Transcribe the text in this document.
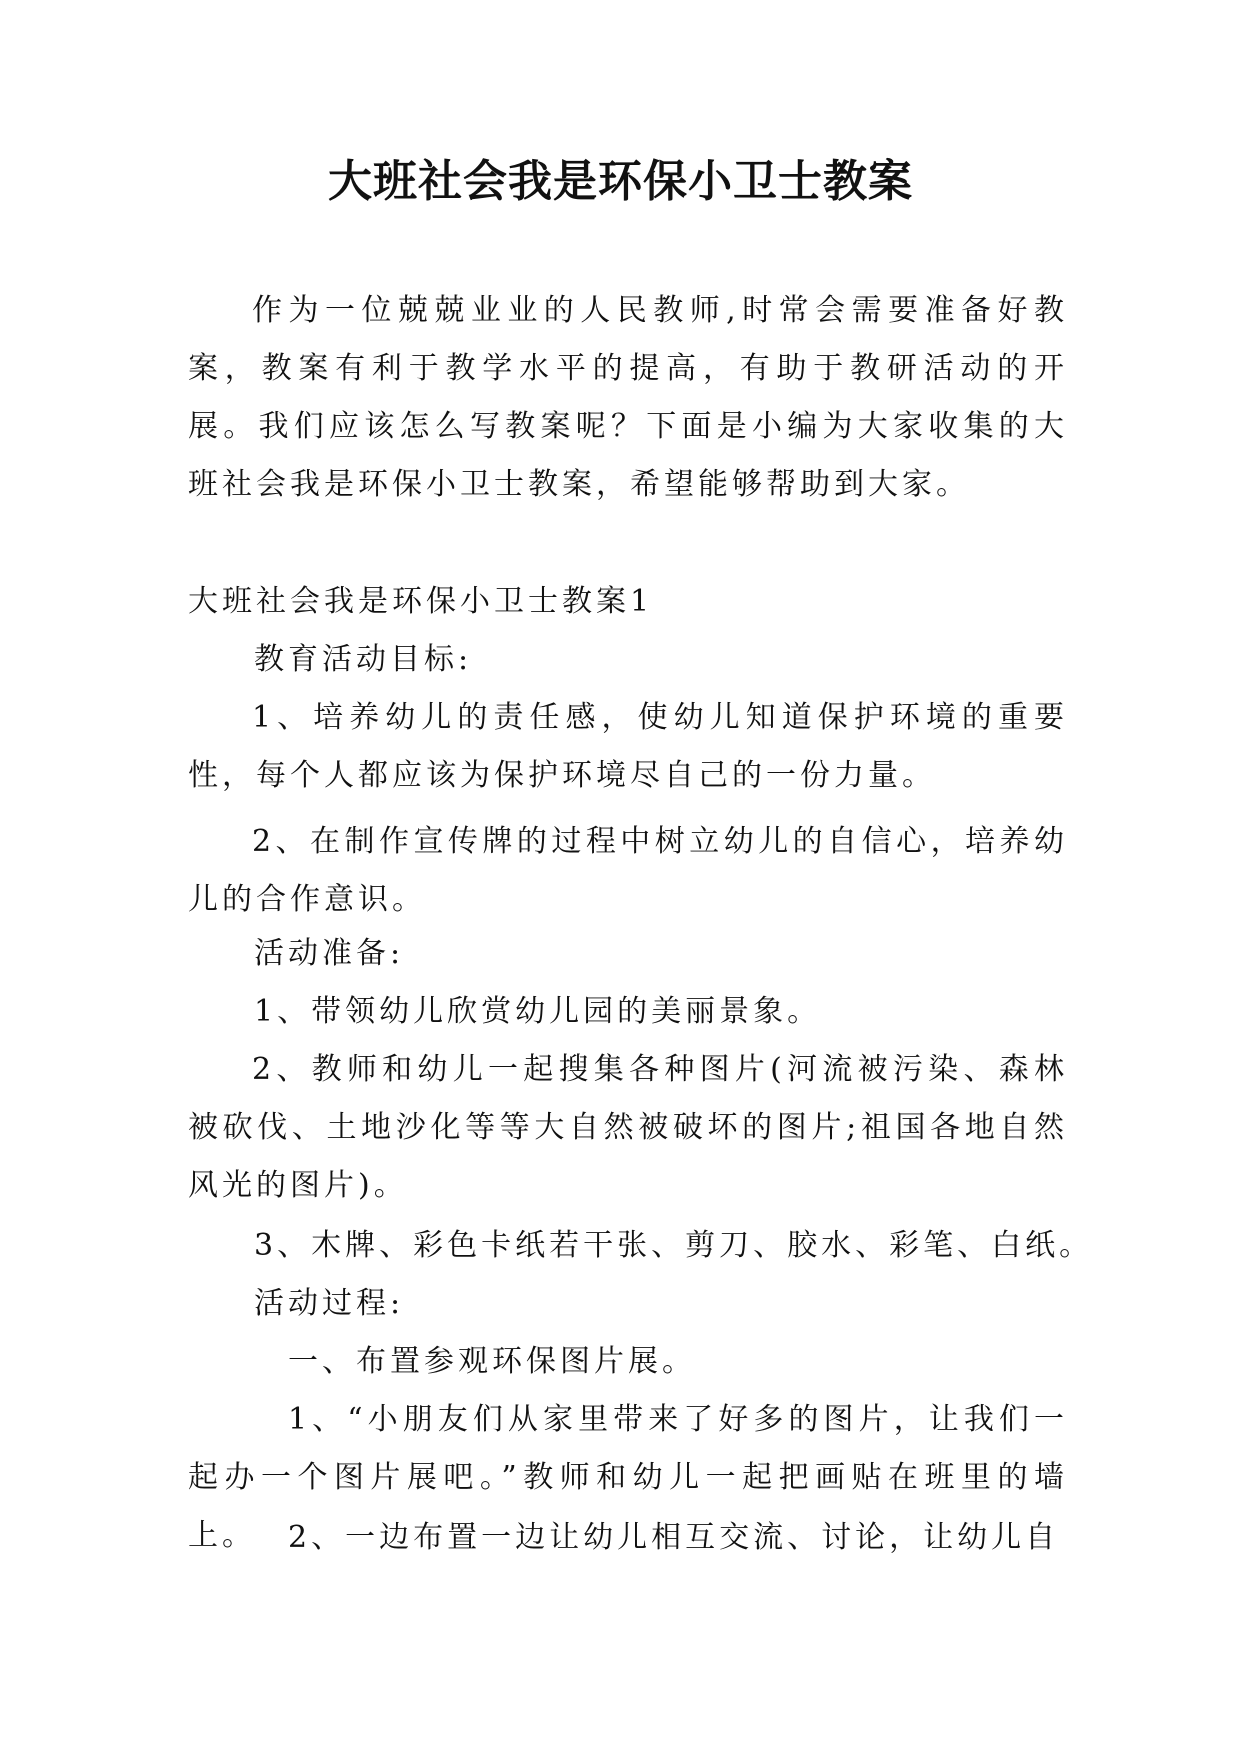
大班社会我是环保小卫士教案

作为一位兢兢业业的人民教师,时常会需要准备好教案，教案有利于教学水平的提高，有助于教研活动的开展。我们应该怎么写教案呢？下面是小编为大家收集的大班社会我是环保小卫士教案，希望能够帮助到大家。

大班社会我是环保小卫士教案1

教育活动目标:

1、培养幼儿的责任感，使幼儿知道保护环境的重要性，每个人都应该为保护环境尽自己的一份力量。

2、在制作宣传牌的过程中树立幼儿的自信心，培养幼儿的合作意识。

活动准备:

1、带领幼儿欣赏幼儿园的美丽景象。

2、教师和幼儿一起搜集各种图片(河流被污染、森林被砍伐、土地沙化等等大自然被破坏的图片;祖国各地自然风光的图片)。

3、木牌、彩色卡纸若干张、剪刀、胶水、彩笔、白纸。

活动过程:

一、布置参观环保图片展。

1、“小朋友们从家里带来了好多的图片，让我们一起办一个图片展吧。”教师和幼儿一起把画贴在班里的墙上。	2、一边布置一边让幼儿相互交流、讨论，让幼儿自
